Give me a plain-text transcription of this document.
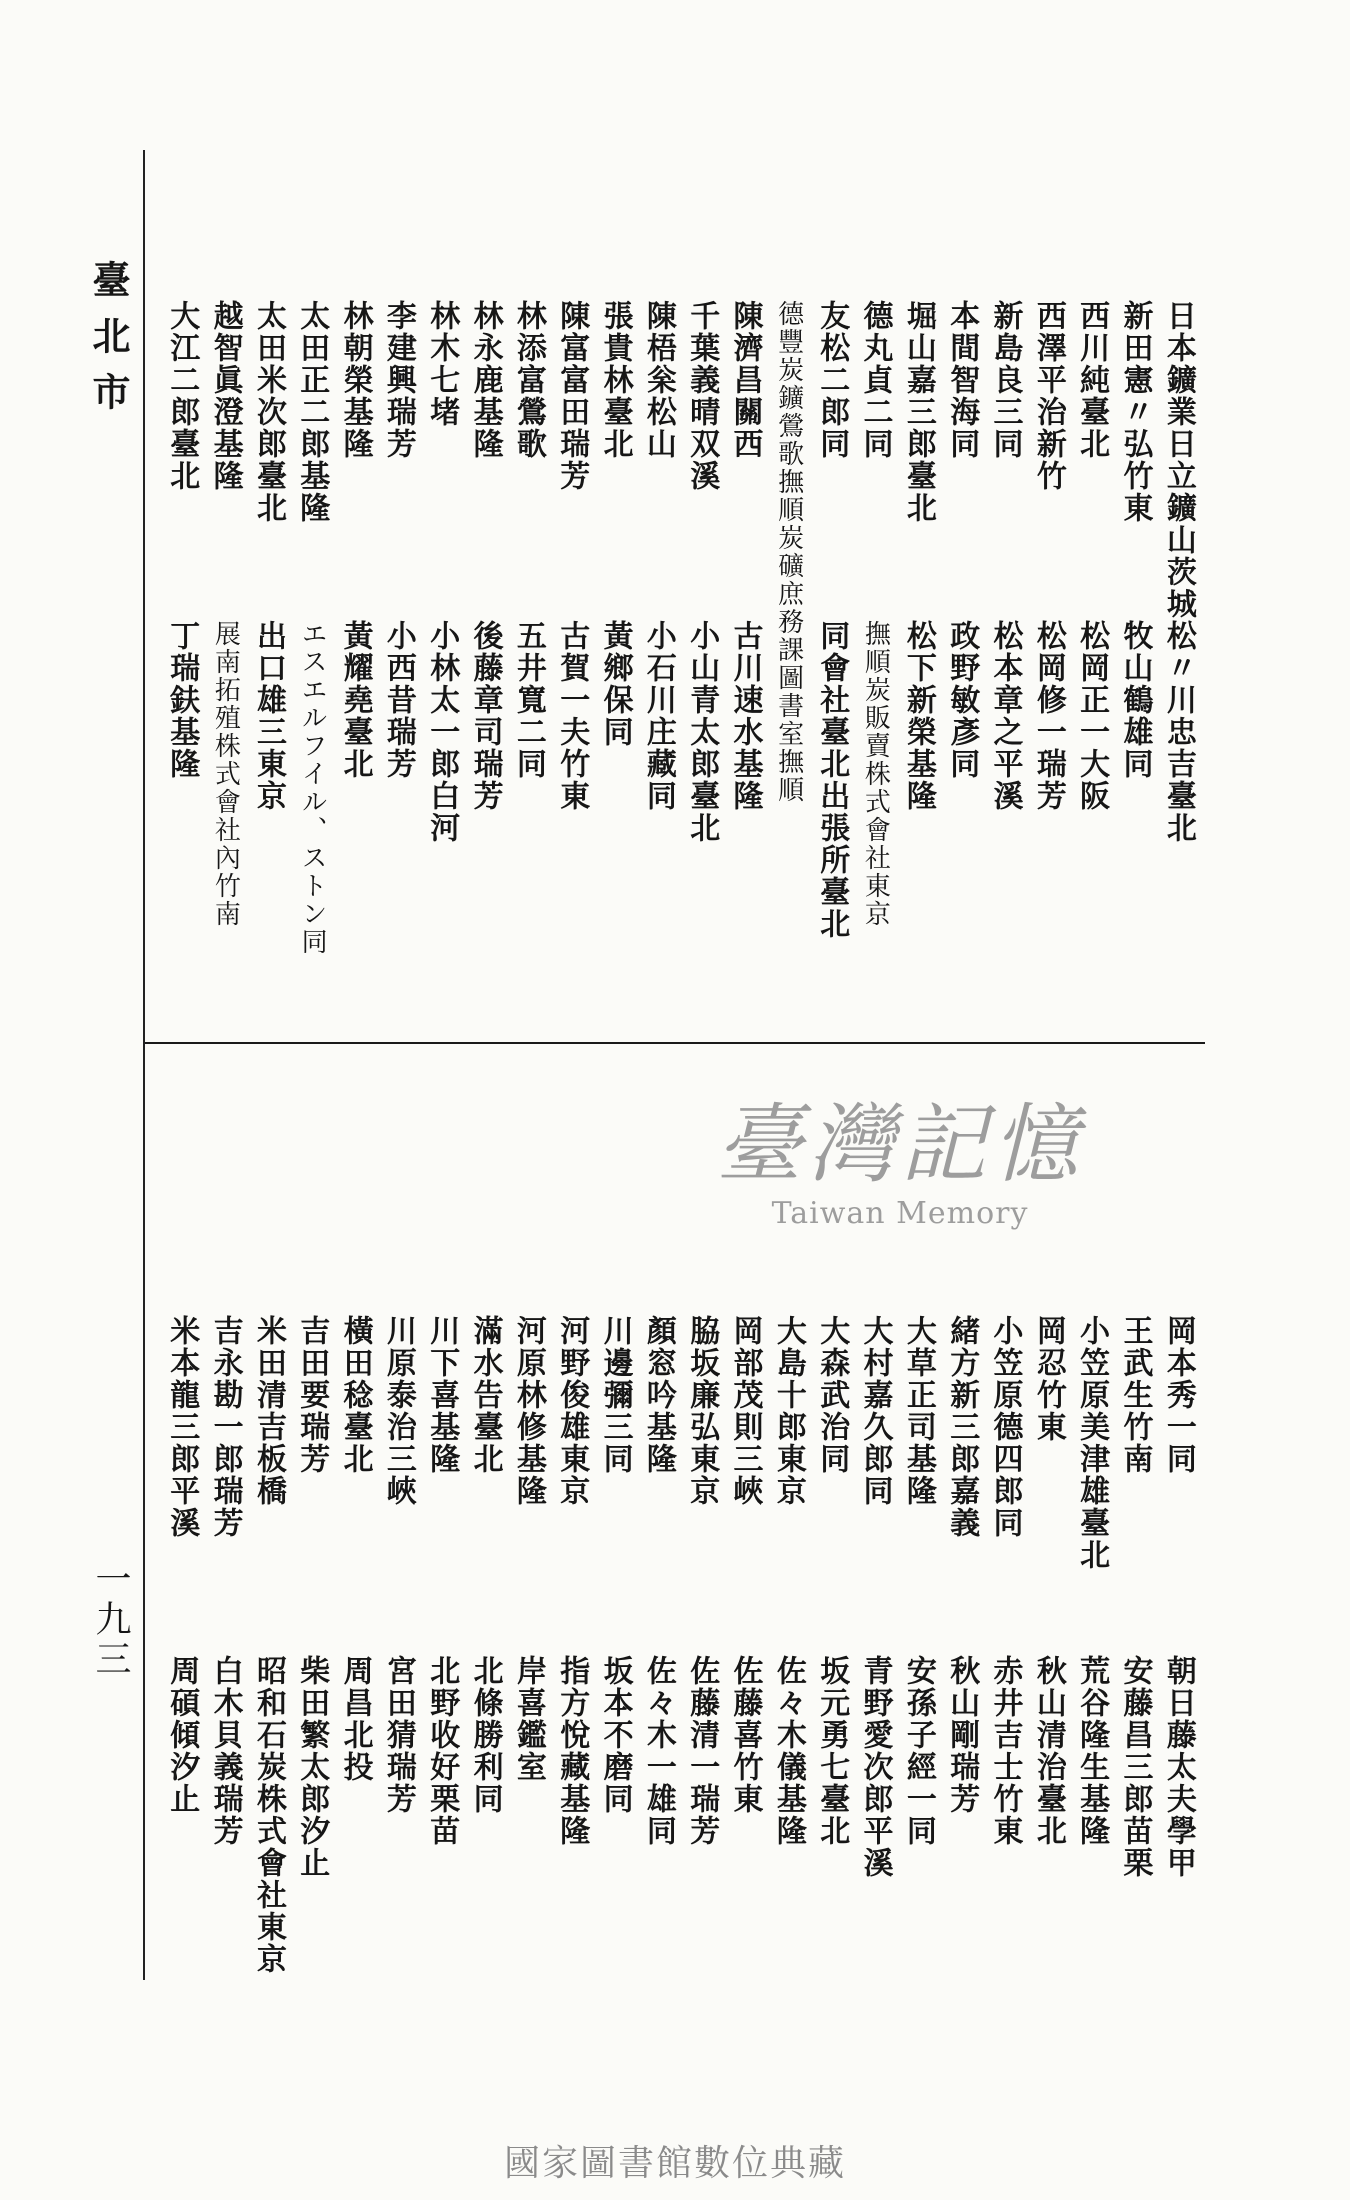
臺北市
一九三
日本鑛業日立鑛山茨城
松〃川忠吉臺北
新田憲〃弘竹東
牧山鶴雄同
西川純臺北
松岡正一大阪
西澤平治新竹
松岡修一瑞芳
新島良三同
松本章之平溪
本間智海同
政野敏彥同
堀山嘉三郎臺北
松下新榮基隆
德丸貞二同
撫順炭販賣株式會社東京
友松二郎同
同會社臺北出張所臺北
德豐炭鑛鶯歌撫順炭礦庶務課圖書室撫順
陳濟昌關西
古川速水基隆
千葉義晴双溪
小山青太郎臺北
陳梧枀松山
小石川庄藏同
張貴林臺北
黃鄉保同
陳富富田瑞芳
古賀一夫竹東
林添富鶯歌
五井寬二同
林永鹿基隆
後藤章司瑞芳
林木七堵
小林太一郎白河
李建興瑞芳
小西昔瑞芳
林朝榮基隆
黃耀堯臺北
太田正二郎基隆
エスエルフイル、ストン同
太田米次郎臺北
出口雄三東京
越智眞澄基隆
展南拓殖株式會社內竹南
大江二郎臺北
丁瑞鈇基隆
岡本秀一同
朝日藤太夫學甲
王武生竹南
安藤昌三郎苗栗
小笠原美津雄臺北
荒谷隆生基隆
岡忍竹東
秋山清治臺北
小笠原德四郎同
赤井吉士竹東
緒方新三郎嘉義
秋山剛瑞芳
大草正司基隆
安孫子經一同
大村嘉久郎同
青野愛次郎平溪
大森武治同
坂元勇七臺北
大島十郎東京
佐々木儀基隆
岡部茂則三峽
佐藤喜竹東
脇坂廉弘東京
佐藤清一瑞芳
顏窓吟基隆
佐々木一雄同
川邊彌三同
坂本不磨同
河野俊雄東京
指方悅藏基隆
河原林修基隆
岸喜鑑室
滿水告臺北
北條勝利同
川下喜基隆
北野收好栗苗
川原泰治三峽
宮田猜瑞芳
橫田稔臺北
周昌北投
吉田要瑞芳
柴田繁太郎汐止
米田清吉板橋
昭和石炭株式會社東京
吉永勘一郎瑞芳
白木貝義瑞芳
米本龍三郎平溪
周碩傾汐止
臺灣記憶
Taiwan Memory
國家圖書館數位典藏
